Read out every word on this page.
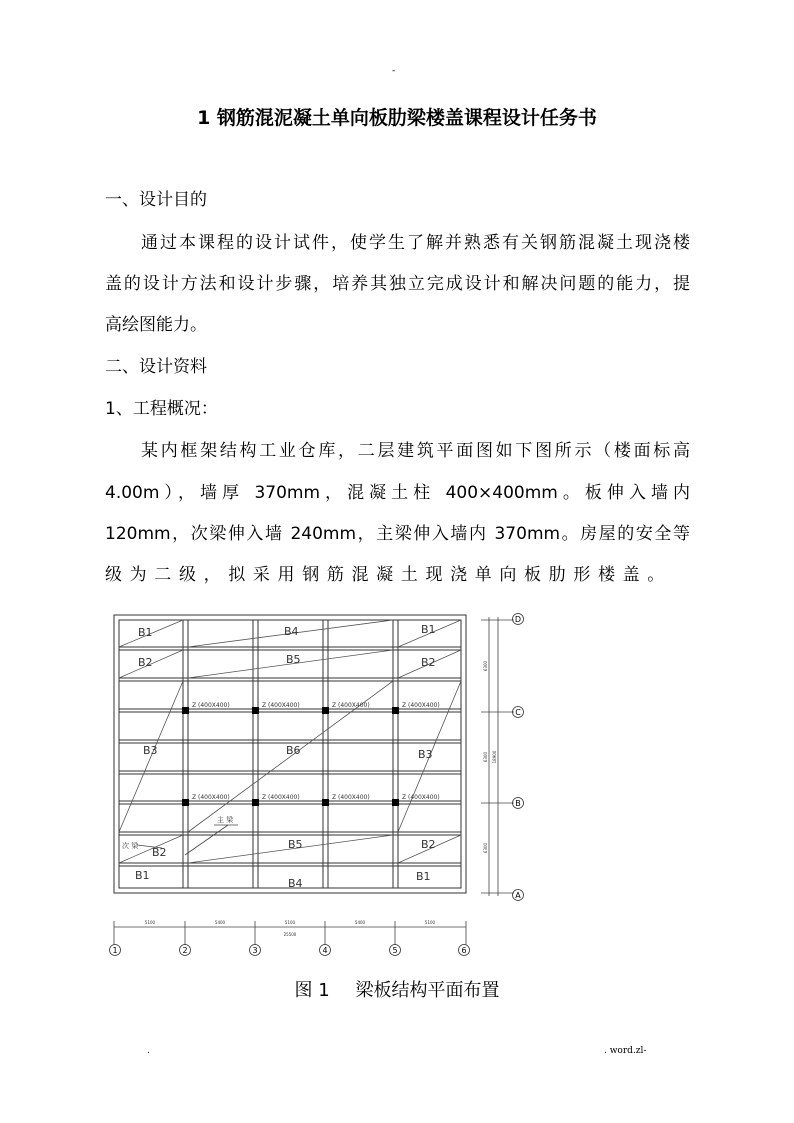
-
1 钢筋混泥凝土单向板肋梁楼盖课程设计任务书
一、设计目的
通过本课程的设计试件，使学生了解并熟悉有关钢筋混凝土现浇楼
盖的设计方法和设计步骤，培养其独立完成设计和解决问题的能力，提
高绘图能力。
二、设计资料
1、工程概况：
某内框架结构工业仓库，二层建筑平面图如下图所示（楼面标高
4.00m），墙厚 370mm，混凝土柱 400×400mm。板伸入墙内
120mm，次梁伸入墙 240mm，主梁伸入墙内 370mm。房屋的安全等
级为二级，拟采用钢筋混凝土现浇单向板肋形楼盖。
Z (400X400)	Z (400X400)	Z (400X400)	Z (400X400)
Z (400X400)	Z (400X400)	Z (400X400)	Z (400X400)
B1	B4	B1
B2	B5	B2
B3	B6	B3
B2
B5	B2
B1
B4
B1
主 梁
次 梁
5100	5400	5100	5400	5100
25500
6300
6300
6300
18900
D
C
B
A
1	2	3	4	5	6
图 1 梁板结构平面布置
.	. word.zl-
